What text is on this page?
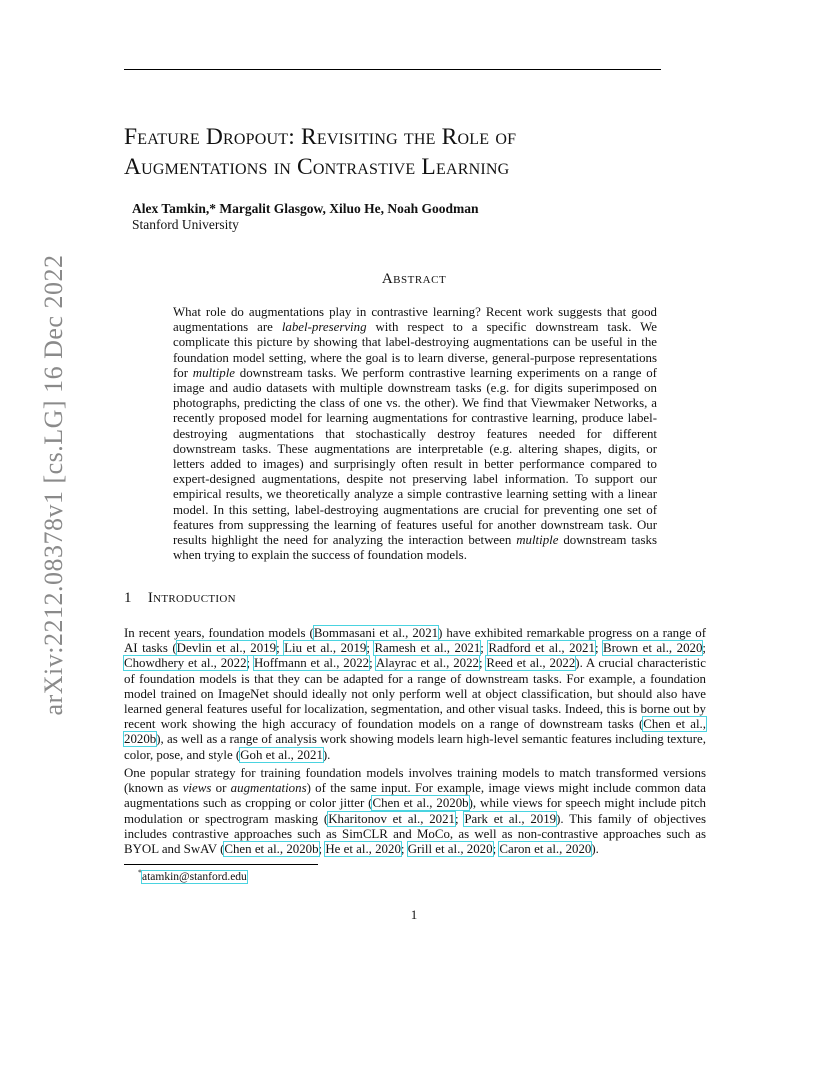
arXiv:2212.08378v1 [cs.LG] 16 Dec 2022
Feature Dropout: Revisiting the Role of
Augmentations in Contrastive Learning
Alex Tamkin,* Margalit Glasgow, Xiluo He, Noah Goodman
Stanford University
Abstract

What role do augmentations play in contrastive learning? Recent work suggests that good augmentations are label-preserving with respect to a specific downstream task. We complicate this picture by showing that label-destroying augmentations can be useful in the foundation model setting, where the goal is to learn diverse, general-purpose representations for multiple downstream tasks. We perform contrastive learning experiments on a range of image and audio datasets with multiple downstream tasks (e.g. for digits superimposed on photographs, predicting the class of one vs. the other). We find that Viewmaker Networks, a recently proposed model for learning augmentations for contrastive learning, produce label-destroying augmentations that stochastically destroy features needed for different downstream tasks. These augmentations are interpretable (e.g. altering shapes, digits, or letters added to images) and surprisingly often result in better performance compared to expert-designed augmentations, despite not preserving label information. To support our empirical results, we theoretically analyze a simple contrastive learning setting with a linear model. In this setting, label-destroying augmentations are crucial for preventing one set of features from suppressing the learning of features useful for another downstream task. Our results highlight the need for analyzing the interaction between multiple downstream tasks when trying to explain the success of foundation models.

1 Introduction

In recent years, foundation models (Bommasani et al., 2021) have exhibited remarkable progress on a range of AI tasks (Devlin et al., 2019; Liu et al., 2019; Ramesh et al., 2021; Radford et al., 2021; Brown et al., 2020; Chowdhery et al., 2022; Hoffmann et al., 2022; Alayrac et al., 2022; Reed et al., 2022). A crucial characteristic of foundation models is that they can be adapted for a range of downstream tasks. For example, a foundation model trained on ImageNet should ideally not only perform well at object classification, but should also have learned general features useful for localization, segmentation, and other visual tasks. Indeed, this is borne out by recent work showing the high accuracy of foundation models on a range of downstream tasks (Chen et al., 2020b), as well as a range of analysis work showing models learn high-level semantic features including texture, color, pose, and style (Goh et al., 2021).

One popular strategy for training foundation models involves training models to match transformed versions (known as views or augmentations) of the same input. For example, image views might include common data augmentations such as cropping or color jitter (Chen et al., 2020b), while views for speech might include pitch modulation or spectrogram masking (Kharitonov et al., 2021; Park et al., 2019). This family of objectives includes contrastive approaches such as SimCLR and MoCo, as well as non-contrastive approaches such as BYOL and SwAV (Chen et al., 2020b; He et al., 2020; Grill et al., 2020; Caron et al., 2020).

*atamkin@stanford.edu
1
